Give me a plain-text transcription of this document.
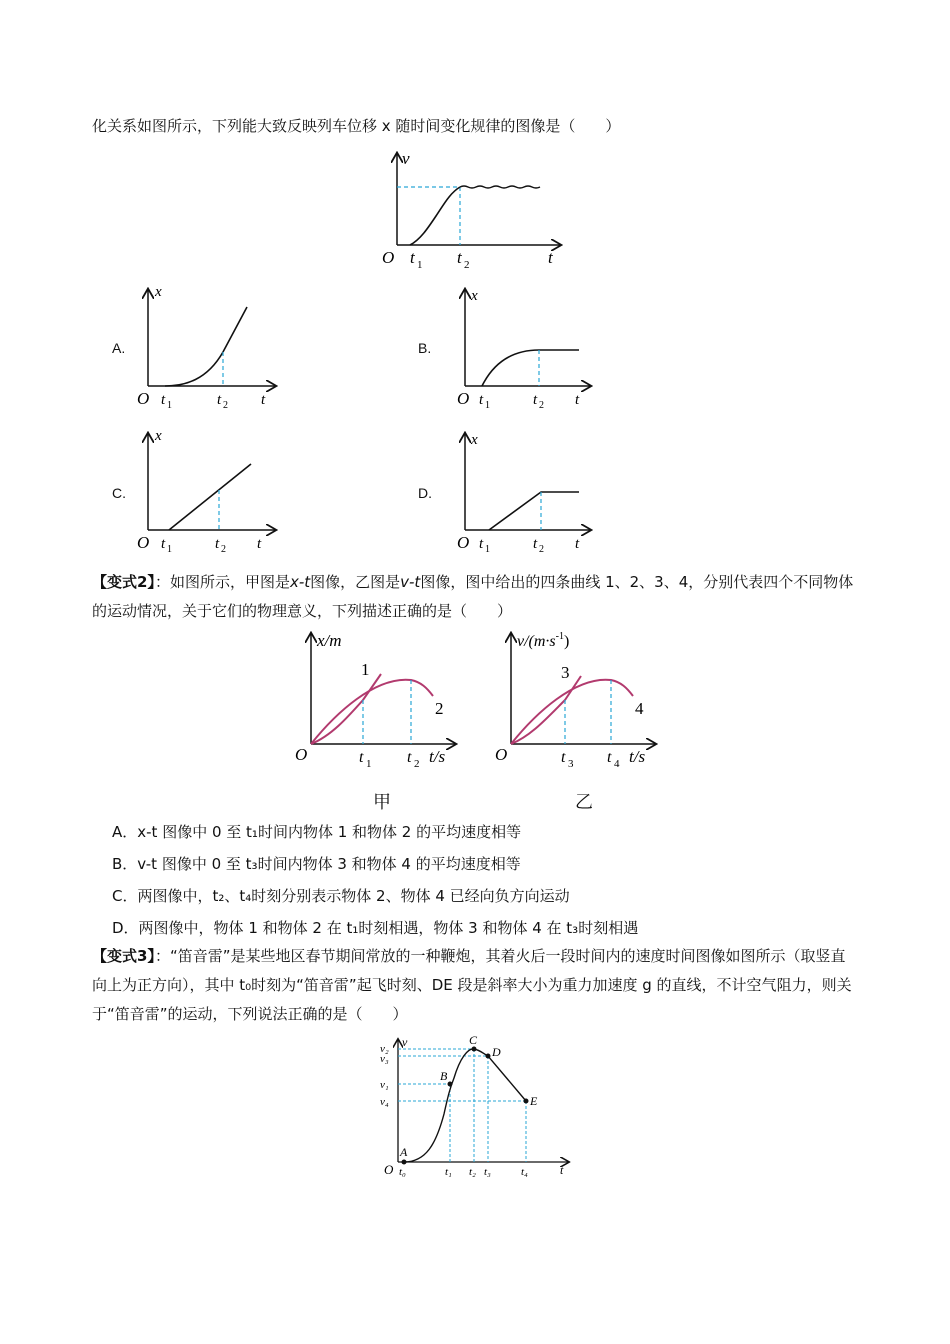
化关系如图所示，下列能大致反映列车位移 x 随时间变化规律的图像是（　　）
v
O t 1 t 2	t
A.
x
O t 1	t 2 t
B.
x
O t 1	t 2 t
C.
x
O t 1	t 2 t
D.
x
O t 1	t 2 t
【变式2】：如图所示，甲图是x-t图像，乙图是v-t图像，图中给出的四条曲线 1、2、3、4，分别代表四个不同物体的运动情况，关于它们的物理意义，下列描述正确的是（　　）
x/m
1
2
O	t 1 t 2 t/s
甲
$v/(m\cdot s^{-1})$
3
4
O	t 3 t 4 t/s
乙
A．x-t 图像中 0 至 t₁时间内物体 1 和物体 2 的平均速度相等
B．v-t 图像中 0 至 t₃时间内物体 3 和物体 4 的平均速度相等
C．两图像中，t₂、t₄时刻分别表示物体 2、物体 4 已经向负方向运动
D．两图像中，物体 1 和物体 2 在 t₁时刻相遇，物体 3 和物体 4 在 t₃时刻相遇
【变式3】：“笛音雷”是某些地区春节期间常放的一种鞭炮，其着火后一段时间内的速度时间图像如图所示（取竖直向上为正方向），其中 t₀时刻为“笛音雷”起飞时刻、DE 段是斜率大小为重力加速度 g 的直线，不计空气阻力，则关于“笛音雷”的运动，下列说法正确的是（　　）
v
v₂
v₃
v₁
v₄
O t₀	t₁ t₂ t₃	t₄	t
A
B
C
D
E
